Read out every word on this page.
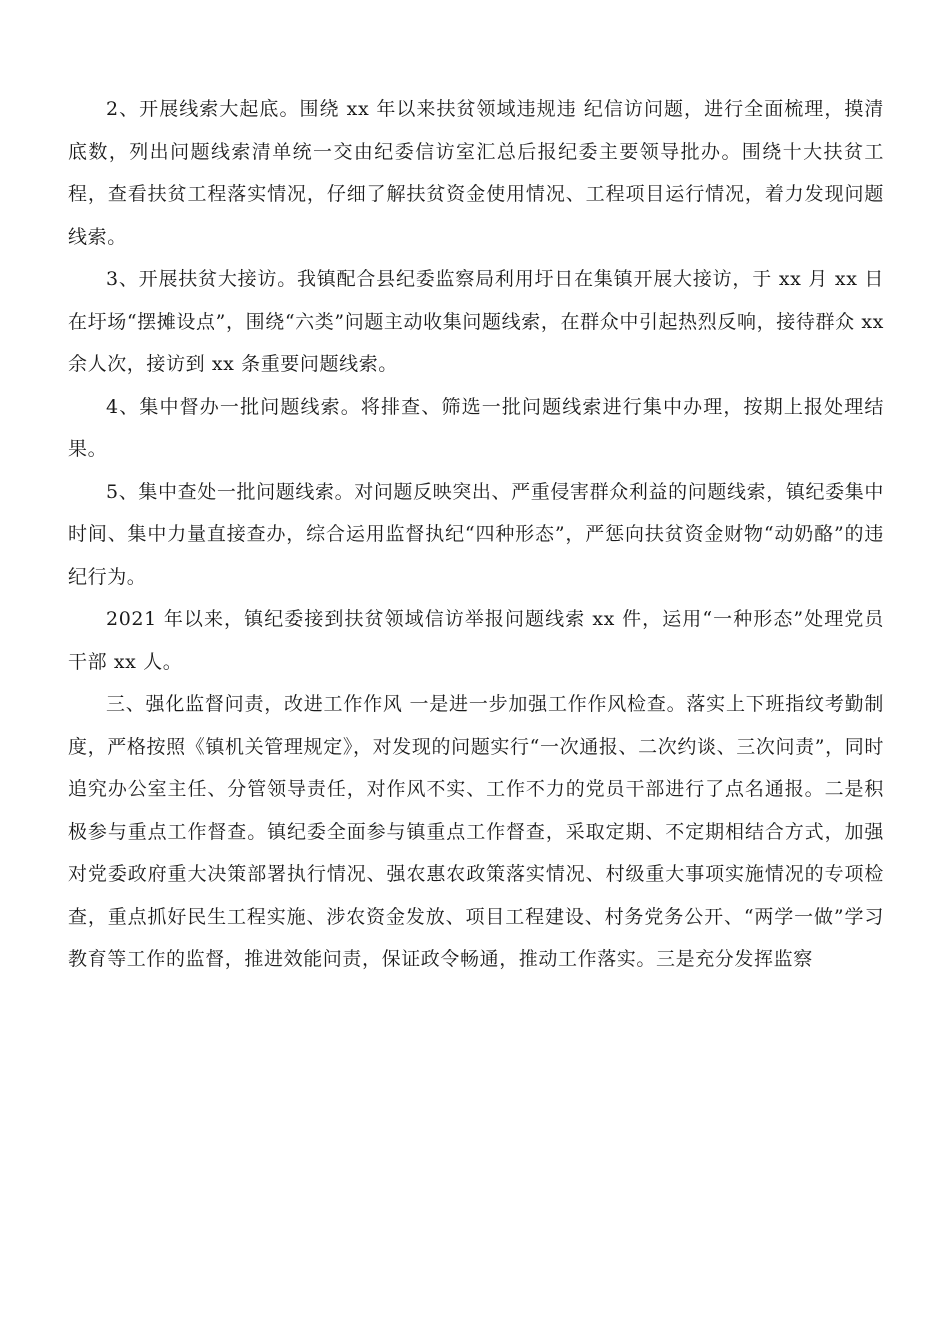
2、开展线索大起底。围绕 xx 年以来扶贫领域违规违 纪信访问题，进行全面梳理，摸清底数，列出问题线索清单统一交由纪委信访室汇总后报纪委主要领导批办。围绕十大扶贫工程，查看扶贫工程落实情况，仔细了解扶贫资金使用情况、工程项目运行情况，着力发现问题线索。

3、开展扶贫大接访。我镇配合县纪委监察局利用圩日在集镇开展大接访，于 xx 月 xx 日在圩场“摆摊设点”，围绕“六类”问题主动收集问题线索，在群众中引起热烈反响，接待群众 xx 余人次，接访到 xx 条重要问题线索。

4、集中督办一批问题线索。将排查、筛选一批问题线索进行集中办理，按期上报处理结果。

5、集中查处一批问题线索。对问题反映突出、严重侵害群众利益的问题线索，镇纪委集中时间、集中力量直接查办，综合运用监督执纪“四种形态”，严惩向扶贫资金财物“动奶酪”的违纪行为。

2021 年以来，镇纪委接到扶贫领域信访举报问题线索 xx 件，运用“一种形态”处理党员干部 xx 人。

三、强化监督问责，改进工作作风 一是进一步加强工作作风检查。落实上下班指纹考勤制度，严格按照《镇机关管理规定》，对发现的问题实行“一次通报、二次约谈、三次问责”，同时追究办公室主任、分管领导责任，对作风不实、工作不力的党员干部进行了点名通报。二是积极参与重点工作督查。镇纪委全面参与镇重点工作督查，采取定期、不定期相结合方式，加强对党委政府重大决策部署执行情况、强农惠农政策落实情况、村级重大事项实施情况的专项检查，重点抓好民生工程实施、涉农资金发放、项目工程建设、村务党务公开、“两学一做”学习教育等工作的监督，推进效能问责，保证政令畅通，推动工作落实。三是充分发挥监察
